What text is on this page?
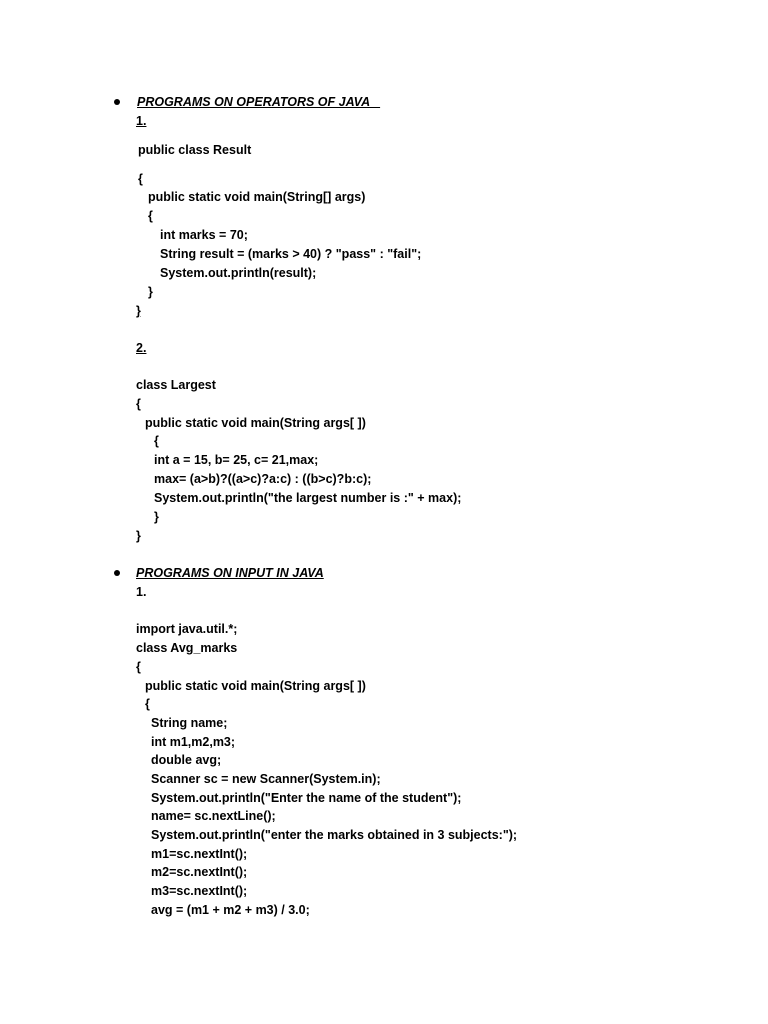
PROGRAMS ON OPERATORS OF JAVA
1.
public class Result
{
public static void main(String[] args)
{
int marks = 70;
String result = (marks > 40) ? "pass" : "fail";
System.out.println(result);
}
}
2.
class Largest
{
public static void main(String args[ ])
{
int a = 15, b= 25, c= 21,max;
max= (a>b)?((a>c)?a:c) : ((b>c)?b:c);
System.out.println("the largest number is :" + max);
}
}
PROGRAMS ON INPUT IN JAVA
1.
import java.util.*;
class Avg_marks
{
public static void main(String args[ ])
{
String name;
int m1,m2,m3;
double avg;
Scanner sc = new Scanner(System.in);
System.out.println("Enter the name of the student");
name= sc.nextLine();
System.out.println("enter the marks obtained in 3 subjects:");
m1=sc.nextInt();
m2=sc.nextInt();
m3=sc.nextInt();
avg = (m1 + m2 + m3) / 3.0;
